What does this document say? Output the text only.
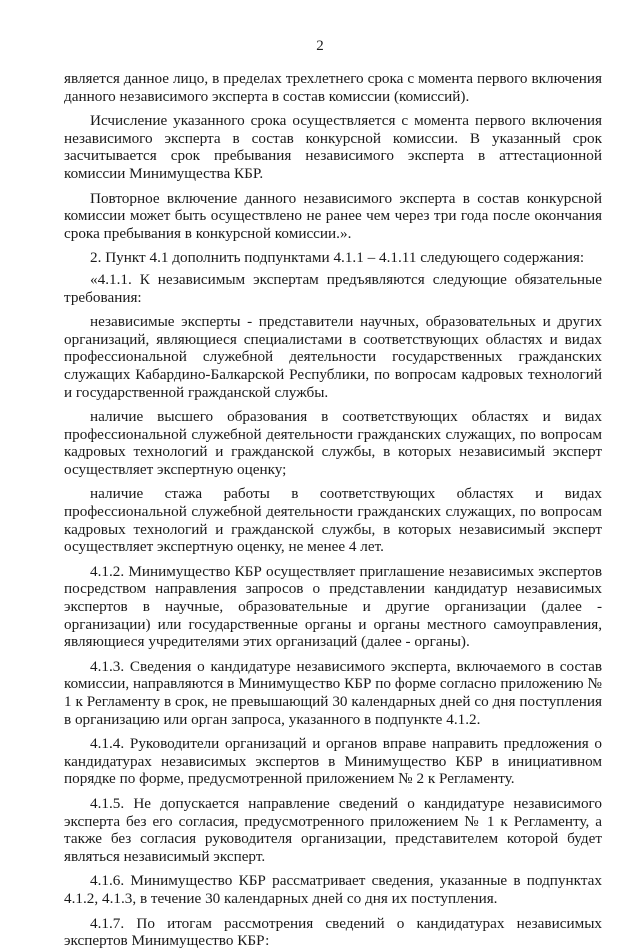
2

является данное лицо, в пределах трехлетнего срока с момента первого включения данного независимого эксперта в состав комиссии (комиссий).

Исчисление указанного срока осуществляется с момента первого включения независимого эксперта в состав конкурсной комиссии. В указанный срок засчитывается срок пребывания независимого эксперта в аттестационной комиссии Минимущества КБР.

Повторное включение данного независимого эксперта в состав конкурсной комиссии может быть осуществлено не ранее чем через три года после окончания срока пребывания в конкурсной комиссии.».

2. Пункт 4.1 дополнить подпунктами 4.1.1 – 4.1.11 следующего содержания:

«4.1.1. К независимым экспертам предъявляются следующие обязательные требования:

независимые эксперты - представители научных, образовательных и других организаций, являющиеся специалистами в соответствующих областях и видах профессиональной служебной деятельности государственных гражданских служащих Кабардино-Балкарской Республики, по вопросам кадровых технологий и государственной гражданской службы.

наличие высшего образования в соответствующих областях и видах профессиональной служебной деятельности гражданских служащих, по вопросам кадровых технологий и гражданской службы, в которых независимый эксперт осуществляет экспертную оценку;

наличие стажа работы в соответствующих областях и видах профессиональной служебной деятельности гражданских служащих, по вопросам кадровых технологий и гражданской службы, в которых независимый эксперт осуществляет экспертную оценку, не менее 4 лет.

4.1.2. Минимущество КБР осуществляет приглашение независимых экспертов посредством направления запросов о представлении кандидатур независимых экспертов в научные, образовательные и другие организации (далее - организации) или государственные органы и органы местного самоуправления, являющиеся учредителями этих организаций (далее - органы).

4.1.3. Сведения о кандидатуре независимого эксперта, включаемого в состав комиссии, направляются в Минимущество КБР по форме согласно приложению № 1 к Регламенту в срок, не превышающий 30 календарных дней со дня поступления в организацию или орган запроса, указанного в подпункте 4.1.2.

4.1.4. Руководители организаций и органов вправе направить предложения о кандидатурах независимых экспертов в Минимущество КБР в инициативном порядке по форме, предусмотренной приложением № 2 к Регламенту.

4.1.5. Не допускается направление сведений о кандидатуре независимого эксперта без его согласия, предусмотренного приложением № 1 к Регламенту, а также без согласия руководителя организации, представителем которой будет являться независимый эксперт.

4.1.6. Минимущество КБР рассматривает сведения, указанные в подпунктах 4.1.2, 4.1.3, в течение 30 календарных дней со дня их поступления.

4.1.7. По итогам рассмотрения сведений о кандидатурах независимых экспертов Минимущество КБР:
